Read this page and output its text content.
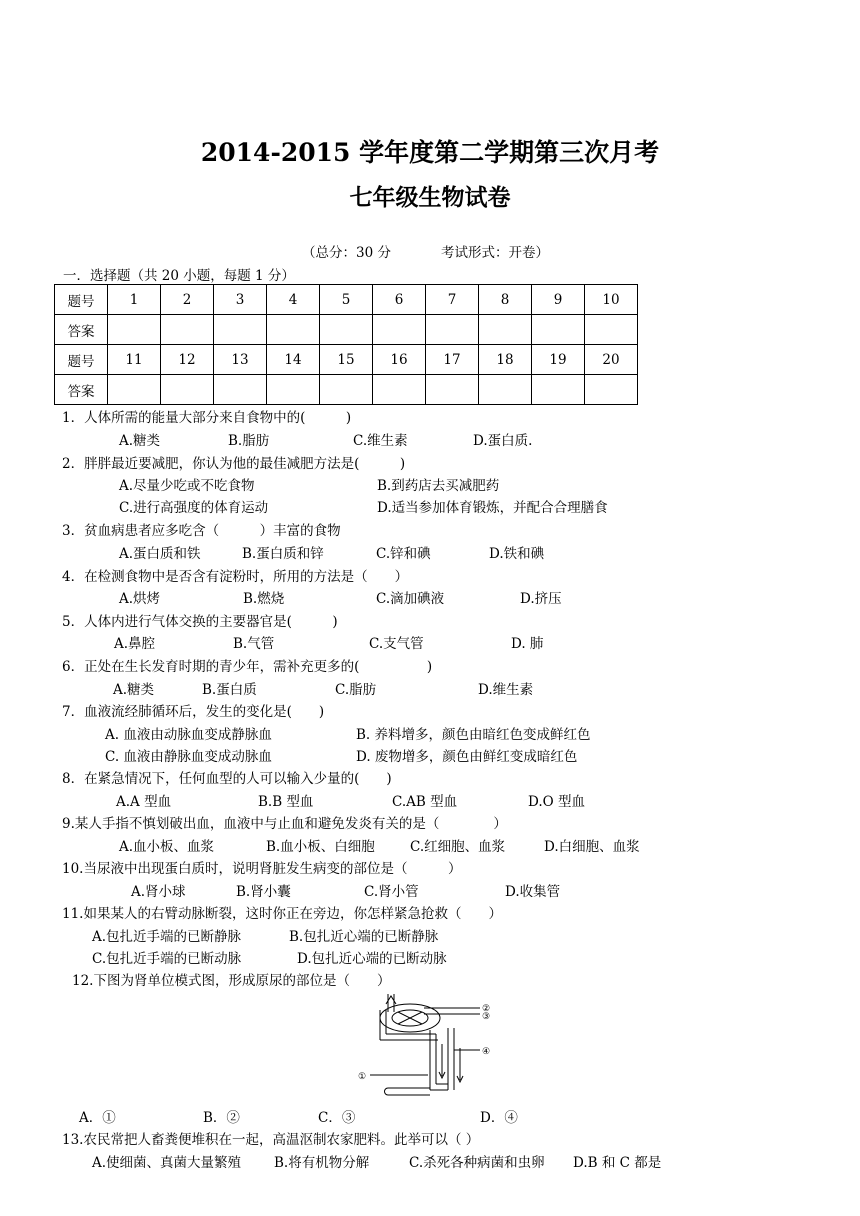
2014-2015 学年度第二学期第三次月考
七年级生物试卷
（总分：30 分	考试形式：开卷）
一．选择题（共 20 小题，每题 1 分）
题号	1	2	3	4	5	6	7	8	9	10
答案										
题号	11	12	13	14	15	16	17	18	19	20
答案										
1．人体所需的能量大部分来自食物中的(　　　)
A.糖类	B.脂肪	C.维生素	D.蛋白质.
2．胖胖最近要减肥，你认为他的最佳减肥方法是(　　　)
A.尽量少吃或不吃食物	B.到药店去买减肥药
C.进行高强度的体育运动	D.适当参加体育锻炼，并配合合理膳食
3．贫血病患者应多吃含（　　　）丰富的食物
A.蛋白质和铁	B.蛋白质和锌	C.锌和碘	D.铁和碘
4．在检测食物中是否含有淀粉时，所用的方法是（　　）
A.烘烤	B.燃烧	C.滴加碘液	D.挤压
5．人体内进行气体交换的主要器官是(　　　)
A.鼻腔	B.气管	C.支气管	D. 肺
6．正处在生长发育时期的青少年，需补充更多的(　　　　　)
A.糖类	B.蛋白质	C.脂肪	D.维生素
7．血液流经肺循环后，发生的变化是(　　)
A. 血液由动脉血变成静脉血	B. 养料增多，颜色由暗红色变成鲜红色
C. 血液由静脉血变成动脉血	D. 废物增多，颜色由鲜红变成暗红色
8．在紧急情况下，任何血型的人可以输入少量的(　　)
A.A 型血	B.B 型血	C.AB 型血	D.O 型血
9.某人手指不慎划破出血，血液中与止血和避免发炎有关的是（　　　　）
A.血小板、血浆	B.血小板、白细胞	C.红细胞、血浆	D.白细胞、血浆
10.当尿液中出现蛋白质时，说明肾脏发生病变的部位是（　　　）
A.肾小球	B.肾小囊	C.肾小管	D.收集管
11.如果某人的右臂动脉断裂，这时你正在旁边，你怎样紧急抢救（　　）
A.包扎近手端的已断静脉	B.包扎近心端的已断静脉
C.包扎近手端的已断动脉	D.包扎近心端的已断动脉
12.下图为肾单位模式图，形成原尿的部位是（　　）
②
③
④
①
A．①	B．②	C．③	D．④
13.农民常把人畜粪便堆积在一起，高温沤制农家肥料。此举可以（ ）
A.使细菌、真菌大量繁殖 B.将有机物分解	C.杀死各种病菌和虫卵 D.B 和 C 都是
